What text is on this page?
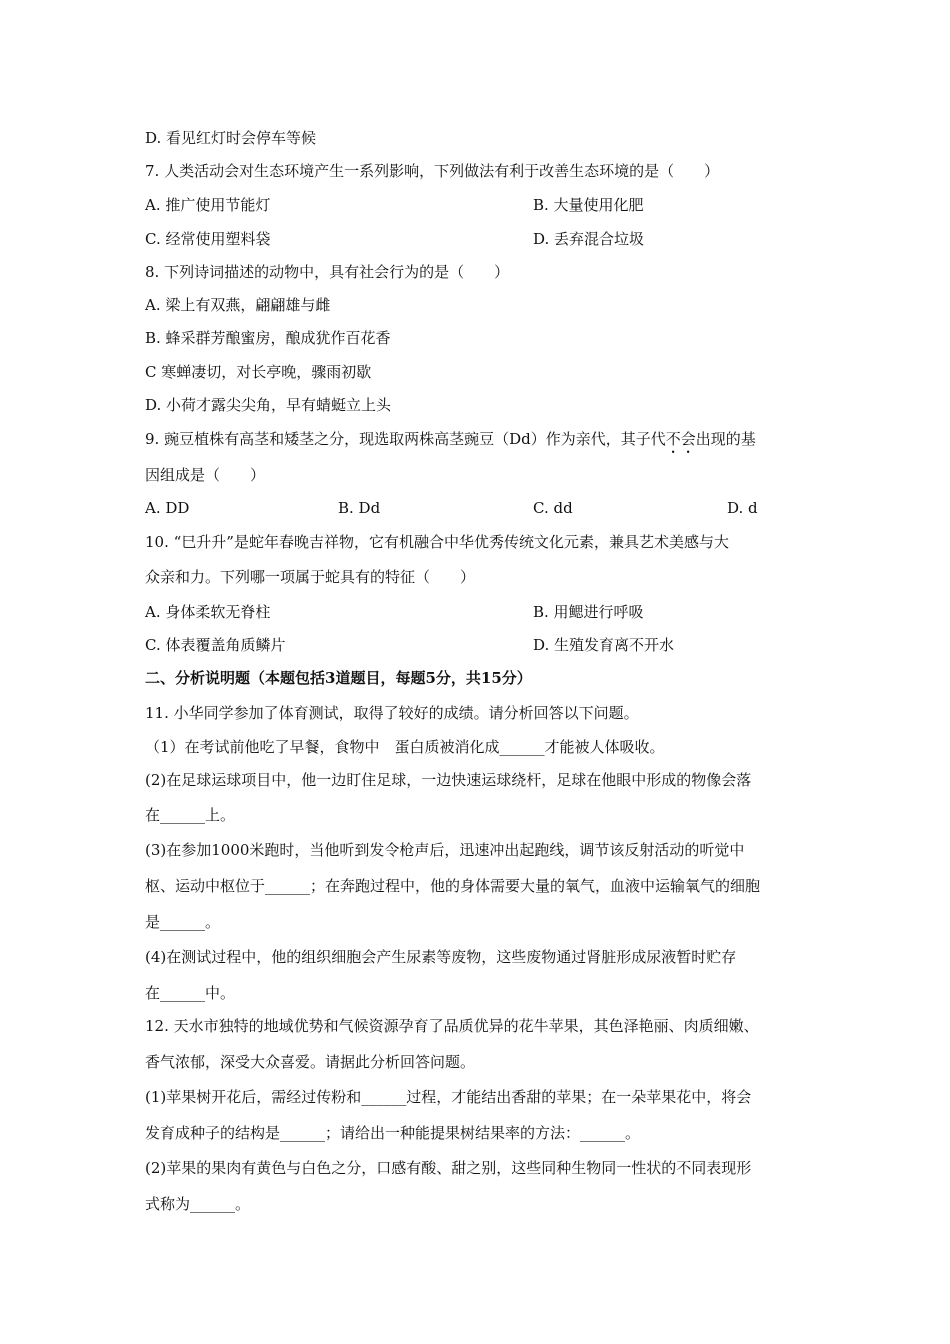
D. 看见红灯时会停车等候
7. 人类活动会对生态环境产生一系列影响，下列做法有利于改善生态环境的是（　　）
A. 推广使用节能灯	B. 大量使用化肥
C. 经常使用塑料袋	D. 丢弃混合垃圾
8. 下列诗词描述的动物中，具有社会行为的是（　　）
A. 梁上有双燕，翩翩雄与雌
B. 蜂采群芳酿蜜房，酿成犹作百花香
C 寒蝉凄切，对长亭晚，骤雨初歇
D. 小荷才露尖尖角，早有蜻蜓立上头
9. 豌豆植株有高茎和矮茎之分，现选取两株高茎豌豆（Dd）作为亲代，其子代不会出现的基
因组成是（　　）
A. DD	B. Dd	C. dd	D. d
10. “巳升升”是蛇年春晚吉祥物，它有机融合中华优秀传统文化元素，兼具艺术美感与大
众亲和力。下列哪一项属于蛇具有的特征（　　）
A. 身体柔软无脊柱	B. 用鳃进行呼吸
C. 体表覆盖角质鳞片	D. 生殖发育离不开水
二、分析说明题（本题包括3道题目，每题5分，共15分）
11. 小华同学参加了体育测试，取得了较好的成绩。请分析回答以下问题。
（1）在考试前他吃了早餐，食物中　蛋白质被消化成______才能被人体吸收。
(2)在足球运球项目中，他一边盯住足球，一边快速运球绕杆，足球在他眼中形成的物像会落
在______上。
(3)在参加1000米跑时，当他听到发令枪声后，迅速冲出起跑线，调节该反射活动的听觉中
枢、运动中枢位于______；在奔跑过程中，他的身体需要大量的氧气，血液中运输氧气的细胞
是______。
(4)在测试过程中，他的组织细胞会产生尿素等废物，这些废物通过肾脏形成尿液暂时贮存
在______中。
12. 天水市独特的地域优势和气候资源孕育了品质优异的花牛苹果，其色泽艳丽、肉质细嫩、
香气浓郁，深受大众喜爱。请据此分析回答问题。
(1)苹果树开花后，需经过传粉和______过程，才能结出香甜的苹果；在一朵苹果花中，将会
发育成种子的结构是______；请给出一种能提果树结果率的方法：______。
(2)苹果的果肉有黄色与白色之分，口感有酸、甜之别，这些同种生物同一性状的不同表现形
式称为______。
